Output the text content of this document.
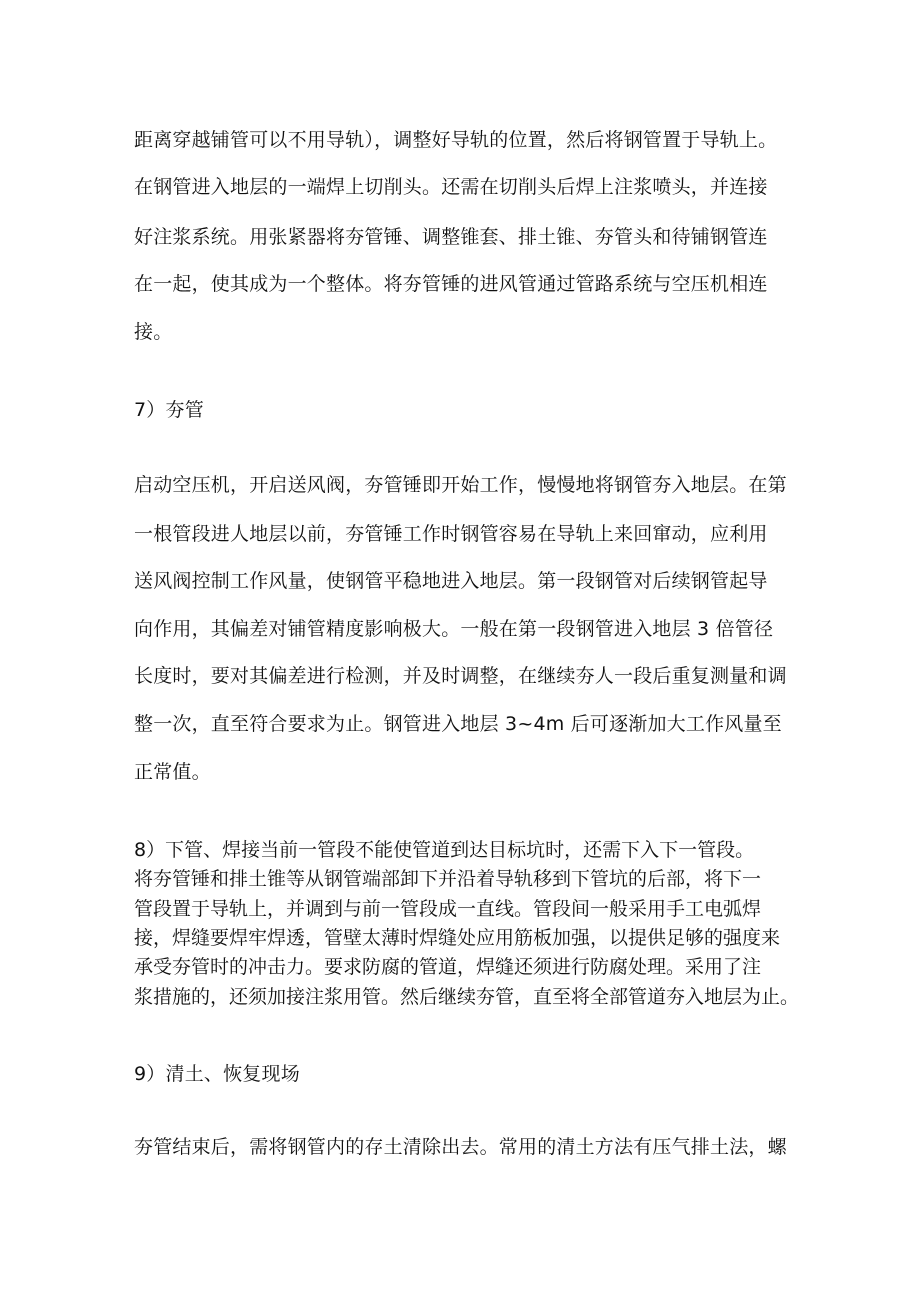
距离穿越铺管可以不用导轨），调整好导轨的位置，然后将钢管置于导轨上。
在钢管进入地层的一端焊上切削头。还需在切削头后焊上注浆喷头，并连接
好注浆系统。用张紧器将夯管锤、调整锥套、排土锥、夯管头和待铺钢管连
在一起，使其成为一个整体。将夯管锤的进风管通过管路系统与空压机相连
接。
7）夯管
启动空压机，开启送风阀，夯管锤即开始工作，慢慢地将钢管夯入地层。在第
一根管段进人地层以前，夯管锤工作时钢管容易在导轨上来回窜动，应利用
送风阀控制工作风量，使钢管平稳地进入地层。第一段钢管对后续钢管起导
向作用，其偏差对铺管精度影响极大。一般在第一段钢管进入地层 3 倍管径
长度时，要对其偏差进行检测，并及时调整，在继续夯人一段后重复测量和调
整一次，直至符合要求为止。钢管进入地层 3~4m 后可逐渐加大工作风量至
正常值。
8）下管、焊接当前一管段不能使管道到达目标坑时，还需下入下一管段。
将夯管锤和排土锥等从钢管端部卸下并沿着导轨移到下管坑的后部，将下一
管段置于导轨上，并调到与前一管段成一直线。管段间一般采用手工电弧焊
接，焊缝要焊牢焊透，管壁太薄时焊缝处应用筋板加强，以提供足够的强度来
承受夯管时的冲击力。要求防腐的管道，焊缝还须进行防腐处理。采用了注
浆措施的，还须加接注浆用管。然后继续夯管，直至将全部管道夯入地层为止。
9）清土、恢复现场
夯管结束后，需将钢管内的存土清除出去。常用的清土方法有压气排土法，螺
